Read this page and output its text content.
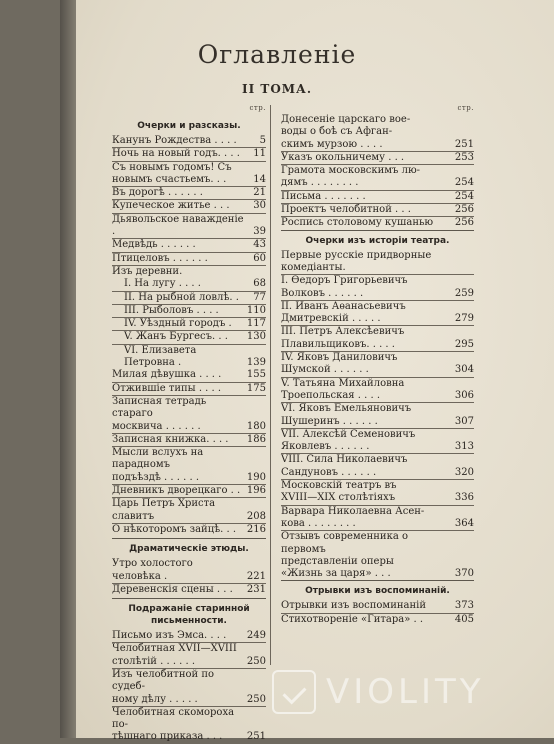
Оглавленіе
II ТОМА.
стр.
Очерки и разсказы.
Канунъ Рождества . . . .	5
Ночь на новый годъ. . . .	11
Съ новымъ годомъ! Съ
новымъ счастьемъ. . .	14
Въ дорогѣ . . . . . .	21
Купеческое житье . . .	30
Дьявольское наважденіе .	39
Медвѣдь . . . . . .	43
Птицеловъ . . . . . .	60
Изъ деревни.
I. На лугу . . . .	68
II. На рыбной ловлѣ. .	77
III. Рыболовъ . . . .	110
IV. Уѣздный городъ .	117
V. Жанъ Бургесъ. . .	130
VI. Елизавета Петровна .	139
Милая дѣвушка . . . .	155
Отжившіе типы . . . .	175
Записная тетрадь стараго
москвича . . . . . .	180
Записная книжка. . . .	186
Мысли вслухъ на парадномъ
подъѣздѣ . . . . . .	190
Дневникъ дворецкаго . . 196
Царь Петръ Христа славитъ	208
О нѣкоторомъ зайцѣ. . .	216
Драматическіе этюды.
Утро холостого человѣка .	221
Деревенскія сцены . . .	231
Подражаніе старинной письменности.
Письмо изъ Эмса. . . .	249
Челобитная XVII—XVIII
столѣтій . . . . . .	250
Изъ челобитной по судеб-
ному дѣлу . . . . .	250
Челобитная скомороха по-
тѣшнаго приказа . . .	251
стр.
Донесеніе царскаго вое-
воды о боѣ съ Афган-
скимъ мурзою . . . .	251
Указъ окольничему . . .	253
Грамота московскимъ лю-
дямъ . . . . . . . .	254
Письма . . . . . . .	254
Проектъ челобитной . . .	256
Роспись столовому кушанью	256
Очерки изъ исторіи театра.
Первые русскіе придворные
комедіанты.
I. Ѳедоръ Григорьевичъ
Волковъ . . . . . .	259
II. Иванъ Аѳанасьевичъ
Дмитревскій . . . . .	279
III. Петръ Алексѣевичъ
Плавильщиковъ. . . . .	295
IV. Яковъ Даниловичъ
Шумской . . . . . .	304
V. Татьяна Михайловна
Троепольская . . . .	306
VI. Яковъ Емельяновичъ
Шушеринъ . . . . . .	307
VII. Алексѣй Семеновичъ
Яковлевъ . . . . . .	313
VIII. Сила Николаевичъ
Сандуновъ . . . . . .	320
Московскій театръ въ
XVIII—XIX столѣтіяхъ	336
Варвара Николаевна Асен-
кова . . . . . . . .	364
Отзывъ современника о первомъ
представленіи оперы
«Жизнь за царя» . . .	370
Отрывки изъ воспоминаній.
Отрывки изъ воспоминаній	373
Стихотвореніе «Гитара» . .	405
VIOLITY
